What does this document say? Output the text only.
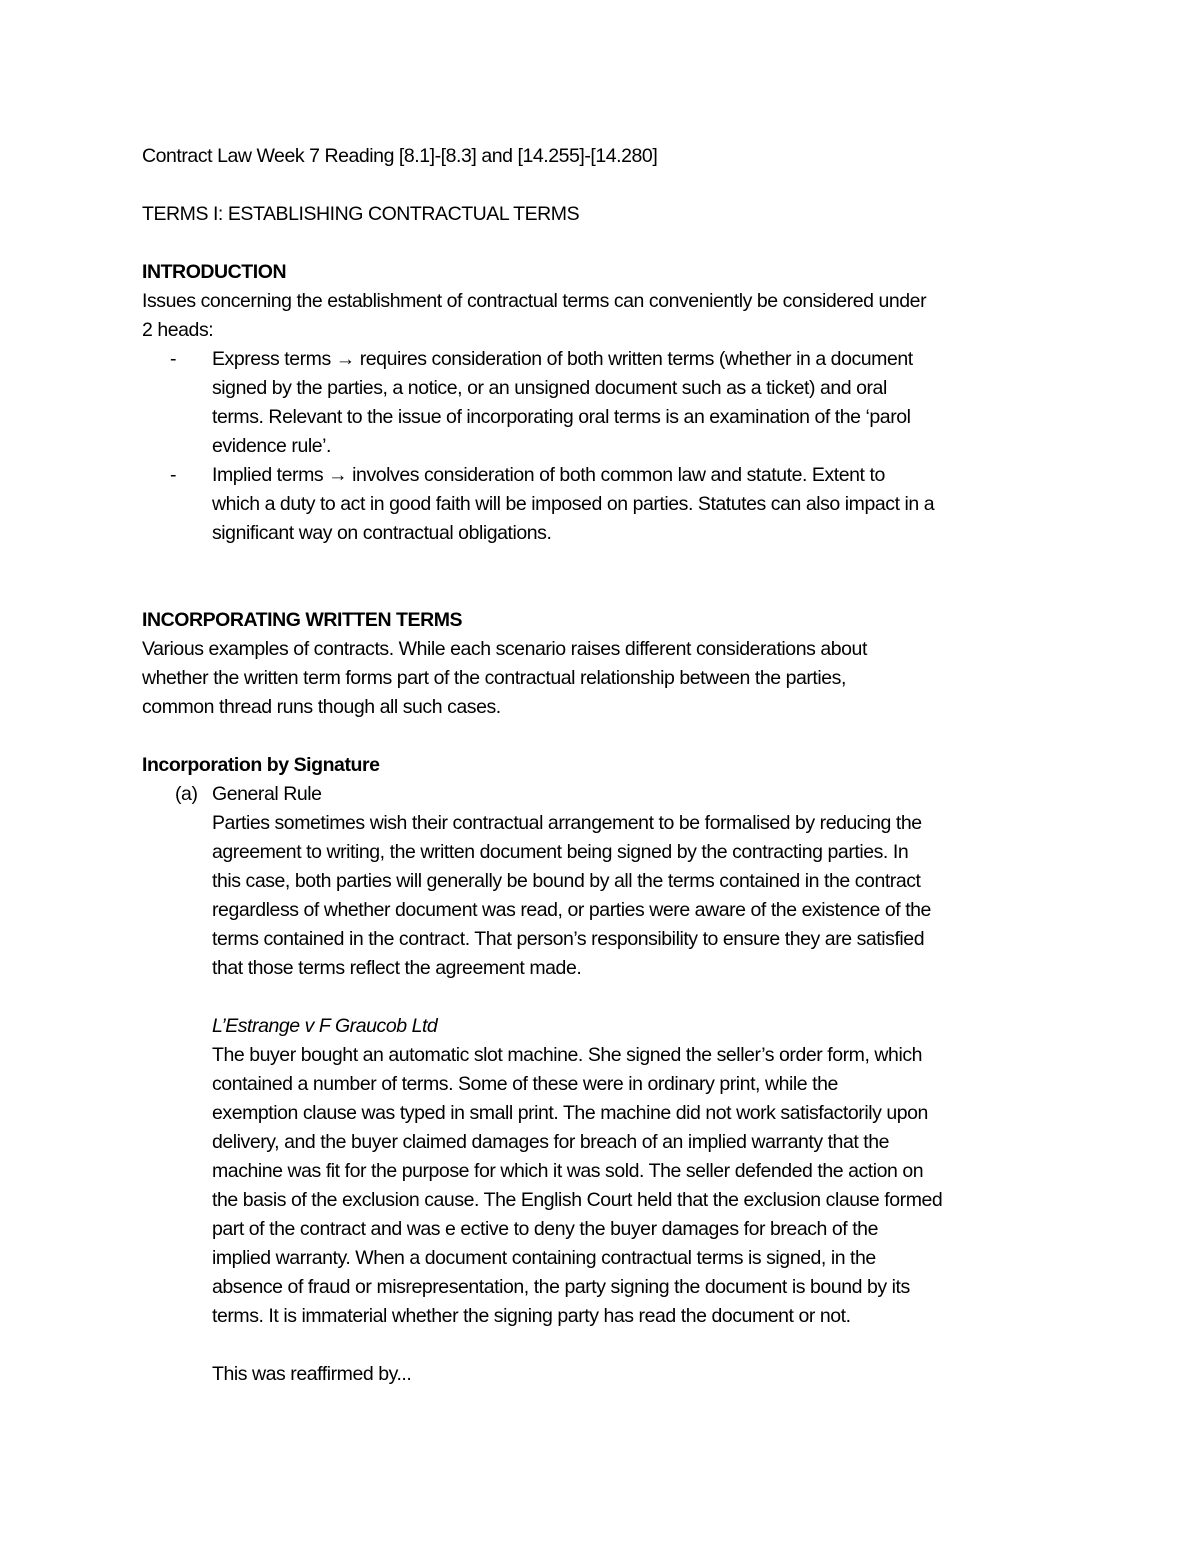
Contract Law Week 7 Reading [8.1]-[8.3] and [14.255]-[14.280]
TERMS I: ESTABLISHING CONTRACTUAL TERMS
INTRODUCTION
Issues concerning the establishment of contractual terms can conveniently be considered under
2 heads:
- Express terms → requires consideration of both written terms (whether in a document
signed by the parties, a notice, or an unsigned document such as a ticket) and oral
terms. Relevant to the issue of incorporating oral terms is an examination of the ‘parol
evidence rule’.
- Implied terms → involves consideration of both common law and statute. Extent to
which a duty to act in good faith will be imposed on parties. Statutes can also impact in a
significant way on contractual obligations.
INCORPORATING WRITTEN TERMS
Various examples of contracts. While each scenario raises different considerations about
whether the written term forms part of the contractual relationship between the parties,
common thread runs though all such cases.
Incorporation by Signature
(a) General Rule
Parties sometimes wish their contractual arrangement to be formalised by reducing the
agreement to writing, the written document being signed by the contracting parties. In
this case, both parties will generally be bound by all the terms contained in the contract
regardless of whether document was read, or parties were aware of the existence of the
terms contained in the contract. That person’s responsibility to ensure they are satisfied
that those terms reflect the agreement made.
L’Estrange v F Graucob Ltd
The buyer bought an automatic slot machine. She signed the seller’s order form, which
contained a number of terms. Some of these were in ordinary print, while the
exemption clause was typed in small print. The machine did not work satisfactorily upon
delivery, and the buyer claimed damages for breach of an implied warranty that the
machine was fit for the purpose for which it was sold. The seller defended the action on
the basis of the exclusion cause. The English Court held that the exclusion clause formed
part of the contract and was e ective to deny the buyer damages for breach of the
implied warranty. When a document containing contractual terms is signed, in the
absence of fraud or misrepresentation, the party signing the document is bound by its
terms. It is immaterial whether the signing party has read the document or not.
This was reaffirmed by...
